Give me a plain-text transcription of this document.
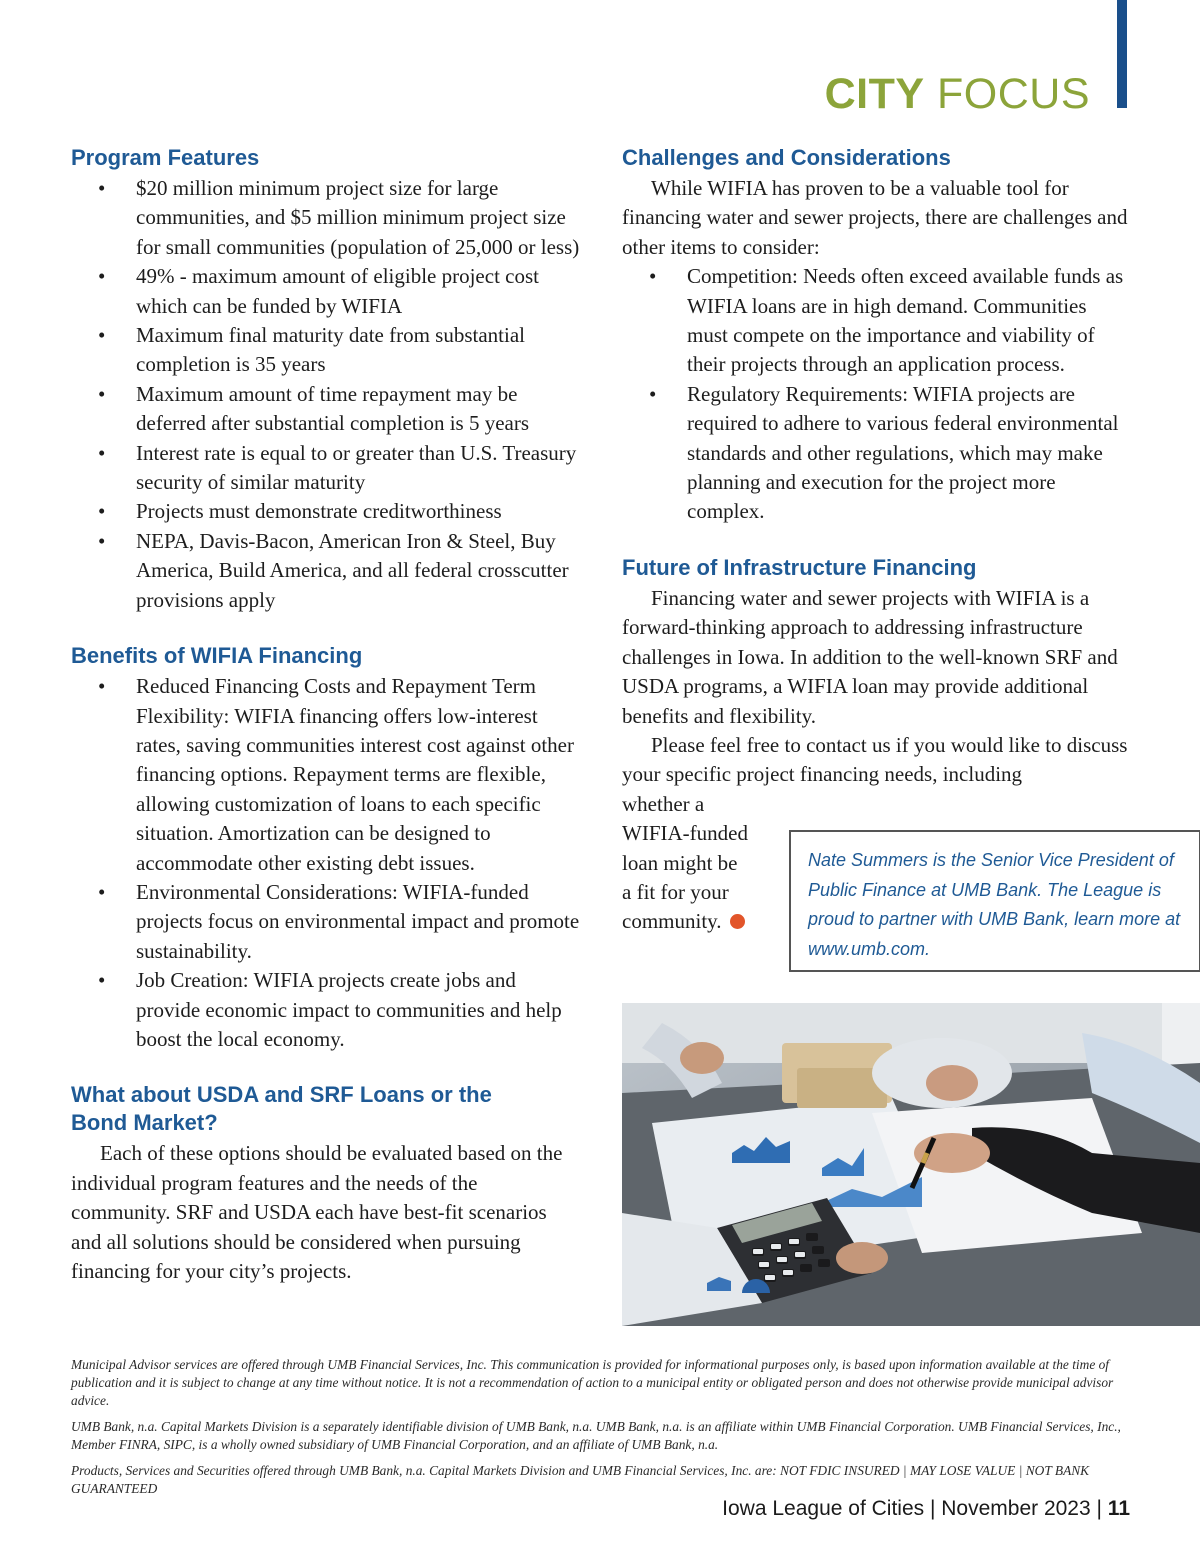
CITY FOCUS
Program Features
• $20 million minimum project size for large communities, and $5 million minimum project size for small communities (population of 25,000 or less)
• 49% - maximum amount of eligible project cost which can be funded by WIFIA
• Maximum final maturity date from substantial completion is 35 years
• Maximum amount of time repayment may be deferred after substantial completion is 5 years
• Interest rate is equal to or greater than U.S. Treasury security of similar maturity
• Projects must demonstrate creditworthiness
• NEPA, Davis-Bacon, American Iron & Steel, Buy America, Build America, and all federal crosscutter provisions apply
Benefits of WIFIA Financing
• Reduced Financing Costs and Repayment Term Flexibility: WIFIA financing offers low-interest rates, saving communities interest cost against other financing options. Repayment terms are flexible, allowing customization of loans to each specific situation. Amortization can be designed to accommodate other existing debt issues.
• Environmental Considerations: WIFIA-funded projects focus on environmental impact and promote sustainability.
• Job Creation: WIFIA projects create jobs and provide economic impact to communities and help boost the local economy.
What about USDA and SRF Loans or the Bond Market?

Each of these options should be evaluated based on the individual program features and the needs of the community. SRF and USDA each have best-fit scenarios and all solutions should be considered when pursuing financing for your city’s projects.

Challenges and Considerations

While WIFIA has proven to be a valuable tool for financing water and sewer projects, there are challenges and other items to consider:

• Competition: Needs often exceed available funds as WIFIA loans are in high demand. Communities must compete on the importance and viability of their projects through an application process.
• Regulatory Requirements: WIFIA projects are required to adhere to various federal environmental standards and other regulations, which may make planning and execution for the project more complex.
Future of Infrastructure Financing

Financing water and sewer projects with WIFIA is a forward-thinking approach to addressing infrastructure challenges in Iowa. In addition to the well-known SRF and USDA programs, a WIFIA loan may provide additional benefits and flexibility.

Please feel free to contact us if you would like to discuss your specific project financing needs, including

whether a
WIFIA-funded
loan might be
a fit for your
community.
Nate Summers is the Senior Vice President of Public Finance at UMB Bank. The League is proud to partner with UMB Bank, learn more at www.umb.com.

Municipal Advisor services are offered through UMB Financial Services, Inc. This communication is provided for informational purposes only, is based upon information available at the time of publication and it is subject to change at any time without notice. It is not a recommendation of action to a municipal entity or obligated person and does not otherwise provide municipal advisor advice.

UMB Bank, n.a. Capital Markets Division is a separately identifiable division of UMB Bank, n.a. UMB Bank, n.a. is an affiliate within UMB Financial Corporation. UMB Financial Services, Inc., Member FINRA, SIPC, is a wholly owned subsidiary of UMB Financial Corporation, and an affiliate of UMB Bank, n.a.

Products, Services and Securities offered through UMB Bank, n.a. Capital Markets Division and UMB Financial Services, Inc. are: NOT FDIC INSURED | MAY LOSE VALUE | NOT BANK GUARANTEED

Iowa League of Cities | November 2023 | 11
